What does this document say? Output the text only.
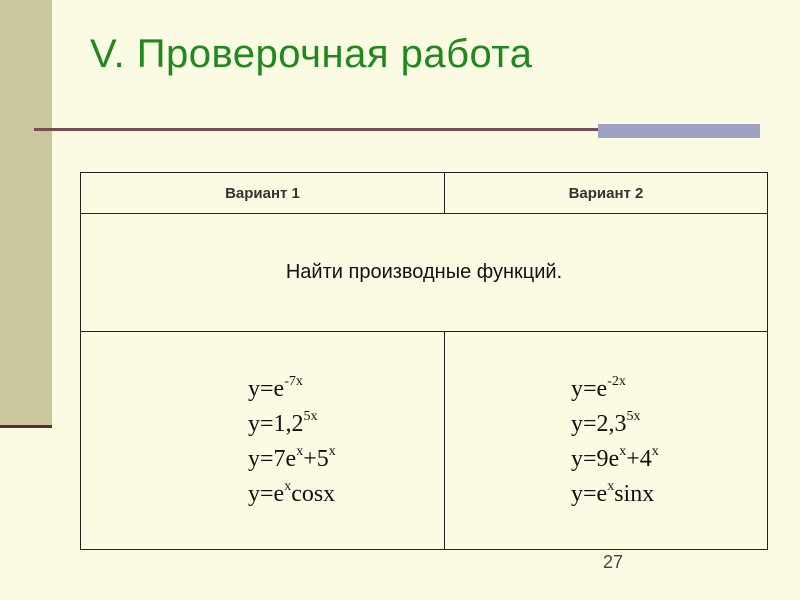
V. Проверочная работа
Вариант 1	Вариант 2
Найти производные функций.
$y=e^{-7x}$
$y=1,2^{5x}$
$y=7e^x+5^x$
$y=e^x\cos x$
$y=e^{-2x}$
$y=2,3^{5x}$
$y=9e^x+4^x$
$y=e^x\sin x$
27
